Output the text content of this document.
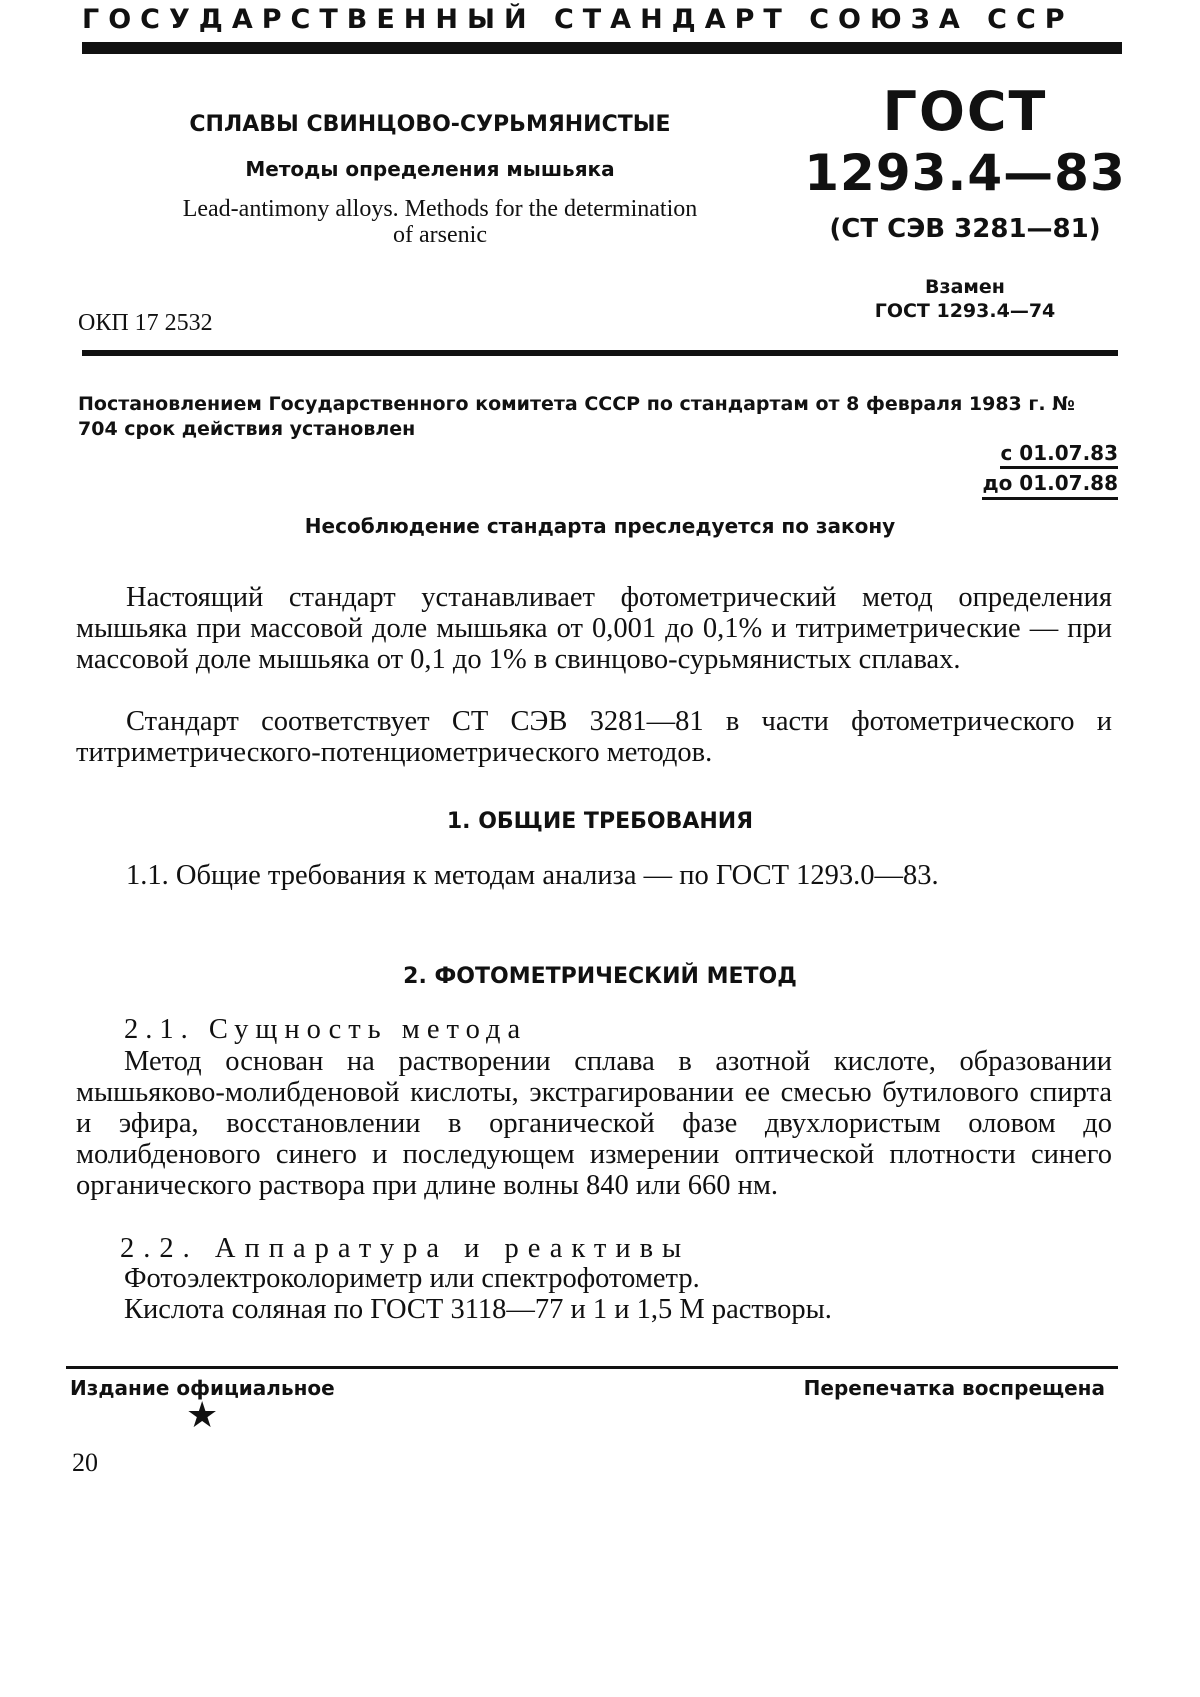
ГОСУДАРСТВЕННЫЙ СТАНДАРТ СОЮЗА ССР
СПЛАВЫ СВИНЦОВО-СУРЬМЯНИСТЫЕ
Методы определения мышьяка
Lead-antimony alloys. Methods for the determination
of arsenic
ГОСТ
1293.4—83
(СТ СЭВ 3281—81)
Взамен
ГОСТ 1293.4—74
ОКП 17 2532
Постановлением Государственного комитета СССР по стандартам от 8 февраля 1983 г. № 704 срок действия установлен
с 01.07.83
до 01.07.88
Несоблюдение стандарта преследуется по закону

Настоящий стандарт устанавливает фотометрический метод определения мышьяка при массовой доле мышьяка от 0,001 до 0,1% и титриметрические — при массовой доле мышьяка от 0,1 до 1% в свинцово-сурьмянистых сплавах.

Стандарт соответствует СТ СЭВ 3281—81 в части фотометрического и титриметрического-потенциометрического методов.

1. ОБЩИЕ ТРЕБОВАНИЯ

1.1. Общие требования к методам анализа — по ГОСТ 1293.0—83.

2. ФОТОМЕТРИЧЕСКИЙ МЕТОД
2.1. Сущность метода

Метод основан на растворении сплава в азотной кислоте, образовании мышьяково-молибденовой кислоты, экстрагировании ее смесью бутилового спирта и эфира, восстановлении в органической фазе двухлористым оловом до молибденового синего и последующем измерении оптической плотности синего органического раствора при длине волны 840 или 660 нм.

2.2. Аппаратура и реактивы
Фотоэлектроколориметр или спектрофотометр.
Кислота соляная по ГОСТ 3118—77 и 1 и 1,5 М растворы.
Издание официальное	Перепечатка воспрещена
★
20
